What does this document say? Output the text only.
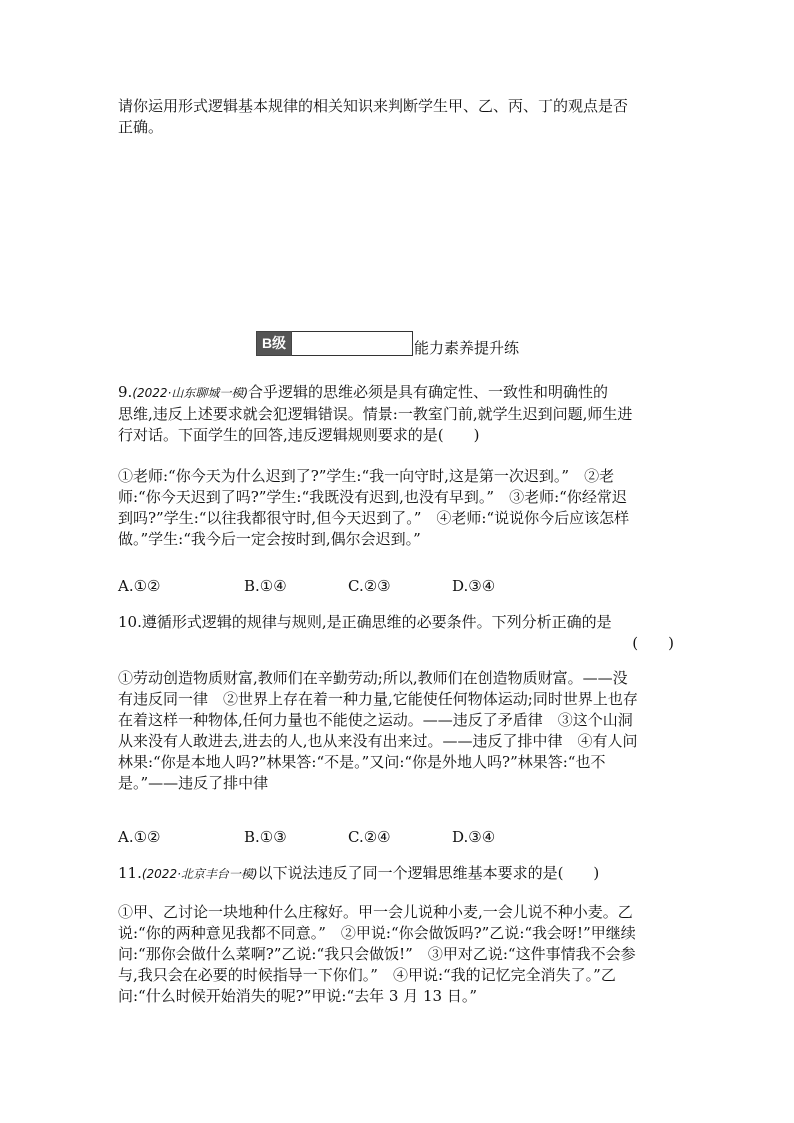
请你运用形式逻辑基本规律的相关知识来判断学生甲、乙、丙、丁的观点是否
正确。
B级	能力素养提升练
9.(2022·山东聊城一模)合乎逻辑的思维必须是具有确定性、一致性和明确性的
思维,违反上述要求就会犯逻辑错误。情景:一教室门前,就学生迟到问题,师生进
行对话。下面学生的回答,违反逻辑规则要求的是(　　)
①老师:“你今天为什么迟到了?”学生:“我一向守时,这是第一次迟到。”　②老
师:“你今天迟到了吗?”学生:“我既没有迟到,也没有早到。”　③老师:“你经常迟
到吗?”学生:“以往我都很守时,但今天迟到了。”　④老师:“说说你今后应该怎样
做。”学生:“我今后一定会按时到,偶尔会迟到。”
A.①②	B.①④	C.②③	D.③④
10.遵循形式逻辑的规律与规则,是正确思维的必要条件。下列分析正确的是
(　　)
①劳动创造物质财富,教师们在辛勤劳动;所以,教师们在创造物质财富。——没
有违反同一律　②世界上存在着一种力量,它能使任何物体运动;同时世界上也存
在着这样一种物体,任何力量也不能使之运动。——违反了矛盾律　③这个山洞
从来没有人敢进去,进去的人,也从来没有出来过。——违反了排中律　④有人问
林果:“你是本地人吗?”林果答:“不是。”又问:“你是外地人吗?”林果答:“也不
是。”——违反了排中律
A.①②	B.①③	C.②④	D.③④
11.(2022·北京丰台一模)以下说法违反了同一个逻辑思维基本要求的是(　　)
①甲、乙讨论一块地种什么庄稼好。甲一会儿说种小麦,一会儿说不种小麦。乙
说:“你的两种意见我都不同意。”　②甲说:“你会做饭吗?”乙说:“我会呀!”甲继续
问:“那你会做什么菜啊?”乙说:“我只会做饭!”　③甲对乙说:“这件事情我不会参
与,我只会在必要的时候指导一下你们。”　④甲说:“我的记忆完全消失了。”乙
问:“什么时候开始消失的呢?”甲说:“去年 3 月 13 日。”
